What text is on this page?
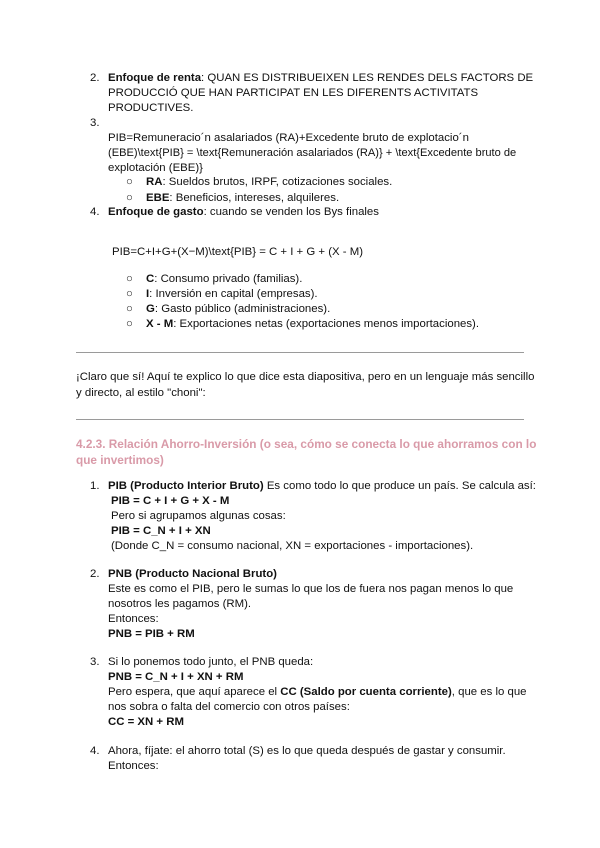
2. Enfoque de renta: QUAN ES DISTRIBUEIXEN LES RENDES DELS FACTORS DE
PRODUCCIÓ QUE HAN PARTICIPAT EN LES DIFERENTS ACTIVITATS
PRODUCTIVES.
3.
PIB=Remuneracio´n asalariados (RA)+Excedente bruto de explotacio´n
(EBE)\text{PIB} = \text{Remuneración asalariados (RA)} + \text{Excedente bruto de
explotación (EBE)}
○ RA: Sueldos brutos, IRPF, cotizaciones sociales.
○ EBE: Beneficios, intereses, alquileres.
4. Enfoque de gasto: cuando se venden los Bys finales
PIB=C+I+G+(X−M)\text{PIB} = C + I + G + (X - M)
○ C: Consumo privado (familias).
○ I: Inversión en capital (empresas).
○ G: Gasto público (administraciones).
○ X - M: Exportaciones netas (exportaciones menos importaciones).
¡Claro que sí! Aquí te explico lo que dice esta diapositiva, pero en un lenguaje más sencillo
y directo, al estilo "choni":
4.2.3. Relación Ahorro-Inversión (o sea, cómo se conecta lo que ahorramos con lo
que invertimos)
1. PIB (Producto Interior Bruto) Es como todo lo que produce un país. Se calcula así:
PIB = C + I + G + X - M
Pero si agrupamos algunas cosas:
PIB = C_N + I + XN
(Donde C_N = consumo nacional, XN = exportaciones - importaciones).
2. PNB (Producto Nacional Bruto)
Este es como el PIB, pero le sumas lo que los de fuera nos pagan menos lo que
nosotros les pagamos (RM).
Entonces:
PNB = PIB + RM
3. Si lo ponemos todo junto, el PNB queda:
PNB = C_N + I + XN + RM
Pero espera, que aquí aparece el CC (Saldo por cuenta corriente), que es lo que
nos sobra o falta del comercio con otros países:
CC = XN + RM
4. Ahora, fíjate: el ahorro total (S) es lo que queda después de gastar y consumir.
Entonces:
